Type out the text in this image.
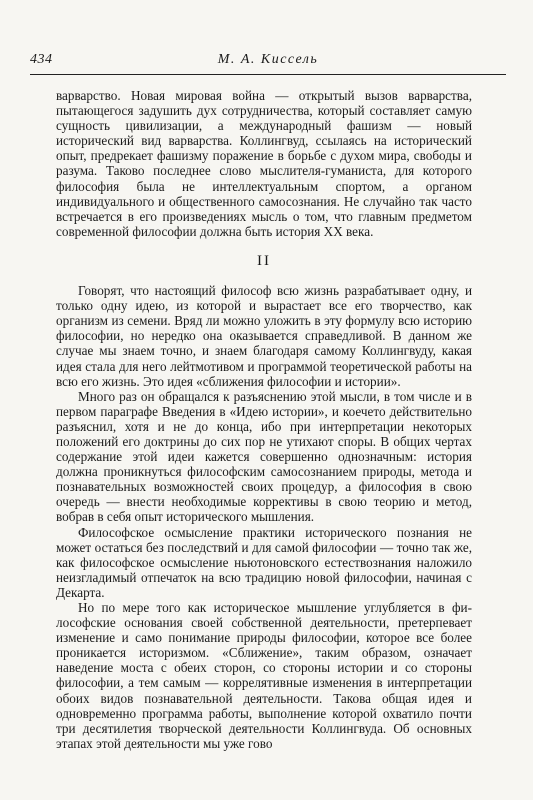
434	М. А. Киссель

варварство. Новая мировая война — открытый вызов варварства, пытающегося задушить дух сотрудничества, который составляет самую сущность цивилизации, а международный фашизм — новый исторический вид варварства. Коллингвуд, ссылаясь на исторический опыт, предрекает фашизму поражение в борьбе с духом мира, свободы и разума. Таково последнее слово мыслителя-гуманиста, для которого философия была не интеллектуальным спортом, а органом индивидуального и общественного самосознания. Не случайно так часто встречается в его произведениях мысль о том, что главным предметом современной философии должна быть история XX века.

II

Говорят, что настоящий философ всю жизнь разрабатывает одну, и только одну идею, из которой и вырастает все его творчество, как организм из семени. Вряд ли можно уложить в эту формулу всю историю философии, но нередко она оказывается справедливой. В данном же случае мы знаем точно, и знаем благодаря самому Коллингвуду, какая идея стала для него лейтмотивом и программой теоретической работы на всю его жизнь. Это идея «сближения философии и истории».

Много раз он обращался к разъяснению этой мысли, в том числе и в первом параграфе Введения в «Идею истории», и коечето действительно разъяснил, хотя и не до конца, ибо при интерпретации некоторых положений его доктрины до сих пор не утихают споры. В общих чертах содержание этой идеи кажется совершенно однозначным: история должна проникнуться философским самосознанием природы, метода и познавательных возможностей своих процедур, а философия в свою очередь — внести необходимые коррективы в свою теорию и метод, вобрав в себя опыт исторического мышления.

Философское осмысление практики исторического познания не может остаться без последствий и для самой философии — точно так же, как философское осмысление ньютоновского естествознания наложило неизгладимый отпечаток на всю традицию новой философии, начиная с Декарта.

Но по мере того как историческое мышление углубляется в философские основания своей собственной деятельности, претерпевает изменение и само понимание природы философии, которое все более проникается историзмом. «Сближение», таким образом, означает наведение моста с обеих сторон, со стороны истории и со стороны философии, а тем самым — коррелятивные изменения в интерпретации обоих видов познавательной деятельности. Такова общая идея и одновременно программа работы, выполнение которой охватило почти три десятилетия творческой деятельности Коллингвуда. Об основных этапах этой деятельности мы уже гово
